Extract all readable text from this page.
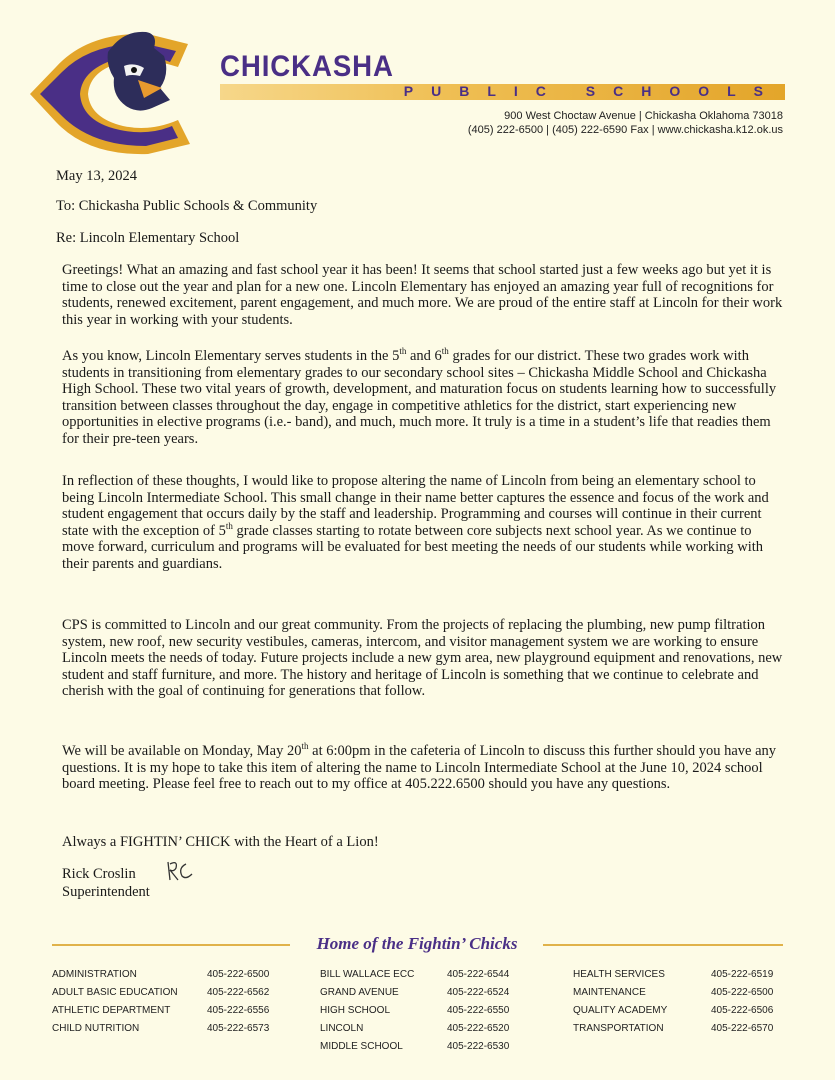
CHICKASHA
PUBLIC SCHOOLS
900 West Choctaw Avenue | Chickasha Oklahoma 73018
(405) 222-6500 | (405) 222-6590 Fax | www.chickasha.k12.ok.us
May 13, 2024
To: Chickasha Public Schools & Community
Re: Lincoln Elementary School

Greetings! What an amazing and fast school year it has been! It seems that school started just a few weeks ago but yet it is time to close out the year and plan for a new one. Lincoln Elementary has enjoyed an amazing year full of recognitions for students, renewed excitement, parent engagement, and much more. We are proud of the entire staff at Lincoln for their work this year in working with your students.

As you know, Lincoln Elementary serves students in the 5th and 6th grades for our district. These two grades work with students in transitioning from elementary grades to our secondary school sites – Chickasha Middle School and Chickasha High School. These two vital years of growth, development, and maturation focus on students learning how to successfully transition between classes throughout the day, engage in competitive athletics for the district, start experiencing new opportunities in elective programs (i.e.- band), and much, much more. It truly is a time in a student’s life that readies them for their pre-teen years.

In reflection of these thoughts, I would like to propose altering the name of Lincoln from being an elementary school to being Lincoln Intermediate School. This small change in their name better captures the essence and focus of the work and student engagement that occurs daily by the staff and leadership. Programming and courses will continue in their current state with the exception of 5th grade classes starting to rotate between core subjects next school year. As we continue to move forward, curriculum and programs will be evaluated for best meeting the needs of our students while working with their parents and guardians.

CPS is committed to Lincoln and our great community. From the projects of replacing the plumbing, new pump filtration system, new roof, new security vestibules, cameras, intercom, and visitor management system we are working to ensure Lincoln meets the needs of today. Future projects include a new gym area, new playground equipment and renovations, new student and staff furniture, and more. The history and heritage of Lincoln is something that we continue to celebrate and cherish with the goal of continuing for generations that follow.

We will be available on Monday, May 20th at 6:00pm in the cafeteria of Lincoln to discuss this further should you have any questions. It is my hope to take this item of altering the name to Lincoln Intermediate School at the June 10, 2024 school board meeting. Please feel free to reach out to my office at 405.222.6500 should you have any questions.

Always a FIGHTIN’ CHICK with the Heart of a Lion!
Rick Croslin
Superintendent
Home of the Fightin’ Chicks
ADMINISTRATION	405-222-6500
ADULT BASIC EDUCATION	405-222-6562
ATHLETIC DEPARTMENT	405-222-6556
CHILD NUTRITION	405-222-6573
BILL WALLACE ECC	405-222-6544
GRAND AVENUE	405-222-6524
HIGH SCHOOL	405-222-6550
LINCOLN	405-222-6520
MIDDLE SCHOOL	405-222-6530
HEALTH SERVICES	405-222-6519
MAINTENANCE	405-222-6500
QUALITY ACADEMY	405-222-6506
TRANSPORTATION	405-222-6570
